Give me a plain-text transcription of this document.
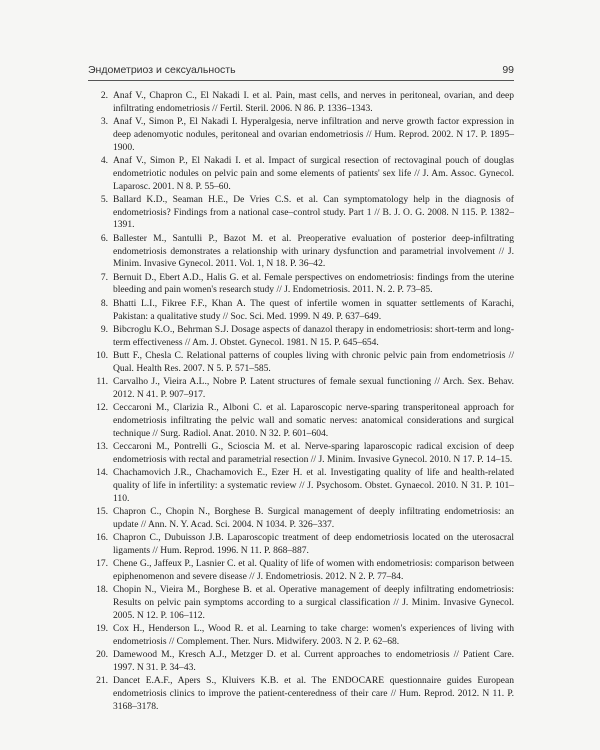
Эндометриоз и сексуальность	99
2. Anaf V., Chapron C., El Nakadi I. et al. Pain, mast cells, and nerves in peritoneal, ovarian, and deep infiltrating endometriosis // Fertil. Steril. 2006. N 86. P. 1336–1343.
3. Anaf V., Simon P., El Nakadi I. Hyperalgesia, nerve infiltration and nerve growth factor expression in deep adenomyotic nodules, peritoneal and ovarian endometriosis // Hum. Reprod. 2002. N 17. P. 1895–1900.
4. Anaf V., Simon P., El Nakadi I. et al. Impact of surgical resection of rectovaginal pouch of douglas endometriotic nodules on pelvic pain and some elements of patients' sex life // J. Am. Assoc. Gynecol. Laparosc. 2001. N 8. P. 55–60.
5. Ballard K.D., Seaman H.E., De Vries C.S. et al. Can symptomatology help in the diagnosis of endometriosis? Findings from a national case–control study. Part 1 // B. J. O. G. 2008. N 115. P. 1382–1391.
6. Ballester M., Santulli P., Bazot M. et al. Preoperative evaluation of posterior deep-infiltrating endometriosis demonstrates a relationship with urinary dysfunction and parametrial involvement // J. Minim. Invasive Gynecol. 2011. Vol. 1, N 18. P. 36–42.
7. Bernuit D., Ebert A.D., Halis G. et al. Female perspectives on endometriosis: findings from the uterine bleeding and pain women's research study // J. Endometriosis. 2011. N. 2. P. 73–85.
8. Bhatti L.I., Fikree F.F., Khan A. The quest of infertile women in squatter settlements of Karachi, Pakistan: a qualitative study // Soc. Sci. Med. 1999. N 49. P. 637–649.
9. Bibcroglu K.O., Behrman S.J. Dosage aspects of danazol therapy in endometriosis: short-term and long-term effectiveness // Am. J. Obstet. Gynecol. 1981. N 15. P. 645–654.
10. Butt F., Chesla C. Relational patterns of couples living with chronic pelvic pain from endometriosis // Qual. Health Res. 2007. N 5. P. 571–585.
11. Carvalho J., Vieira A.L., Nobre P. Latent structures of female sexual functioning // Arch. Sex. Behav. 2012. N 41. P. 907–917.
12. Ceccaroni M., Clarizia R., Alboni C. et al. Laparoscopic nerve-sparing transperitoneal approach for endometriosis infiltrating the pelvic wall and somatic nerves: anatomical considerations and surgical technique // Surg. Radiol. Anat. 2010. N 32. P. 601–604.
13. Ceccaroni M., Pontrelli G., Scioscia M. et al. Nerve-sparing laparoscopic radical excision of deep endometriosis with rectal and parametrial resection // J. Minim. Invasive Gynecol. 2010. N 17. P. 14–15.
14. Chachamovich J.R., Chachamovich E., Ezer H. et al. Investigating quality of life and health-related quality of life in infertility: a systematic review // J. Psychosom. Obstet. Gynaecol. 2010. N 31. P. 101–110.
15. Chapron C., Chopin N., Borghese B. Surgical management of deeply infiltrating endometriosis: an update // Ann. N. Y. Acad. Sci. 2004. N 1034. P. 326–337.
16. Chapron C., Dubuisson J.B. Laparoscopic treatment of deep endometriosis located on the uterosacral ligaments // Hum. Reprod. 1996. N 11. P. 868–887.
17. Chene G., Jaffeux P., Lasnier C. et al. Quality of life of women with endometriosis: comparison between epiphenomenon and severe disease // J. Endometriosis. 2012. N 2. P. 77–84.
18. Chopin N., Vieira M., Borghese B. et al. Operative management of deeply infiltrating endometriosis: Results on pelvic pain symptoms according to a surgical classification // J. Minim. Invasive Gynecol. 2005. N 12. P. 106–112.
19. Cox H., Henderson L., Wood R. et al. Learning to take charge: women's experiences of living with endometriosis // Complement. Ther. Nurs. Midwifery. 2003. N 2. P. 62–68.
20. Damewood M., Kresch A.J., Metzger D. et al. Current approaches to endometriosis // Patient Care. 1997. N 31. P. 34–43.
21. Dancet E.A.F., Apers S., Kluivers K.B. et al. The ENDOCARE questionnaire guides European endometriosis clinics to improve the patient-centeredness of their care // Hum. Reprod. 2012. N 11. P. 3168–3178.
